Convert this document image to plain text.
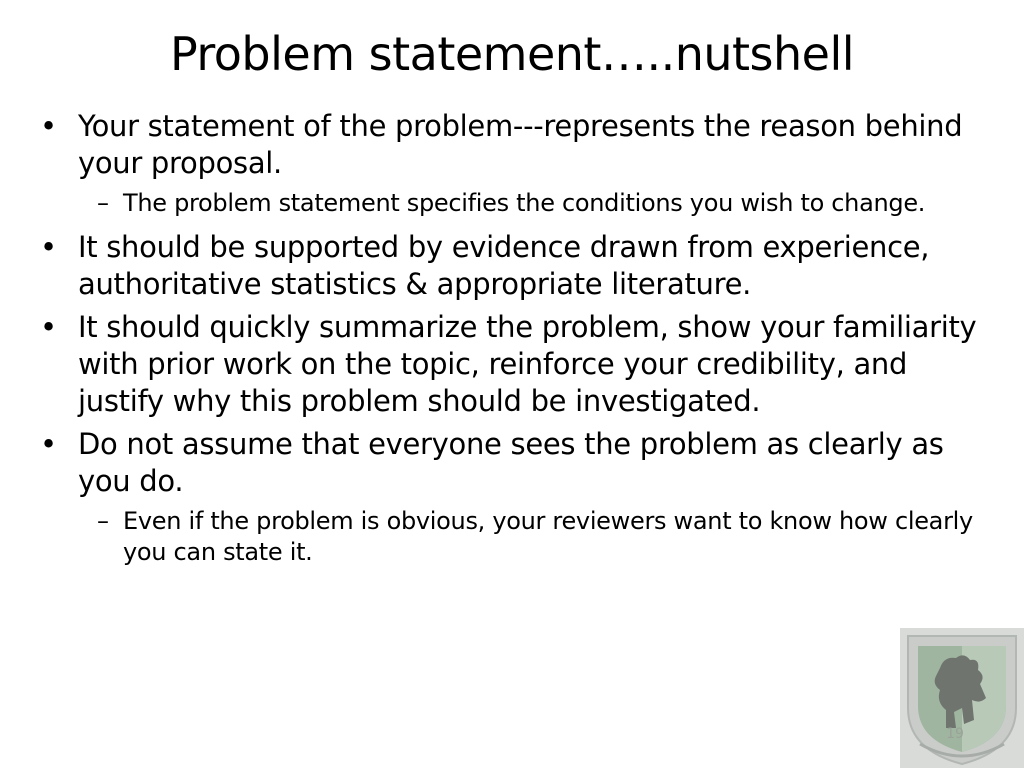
Problem statement…..nutshell
• Your statement of the problem---represents the reason behind your proposal.
– The problem statement specifies the conditions you wish to change.
• It should be supported by evidence drawn from experience, authoritative statistics & appropriate literature.
• It should quickly summarize the problem, show your familiarity with prior work on the topic, reinforce your credibility, and justify why this problem should be investigated.
• Do not assume that everyone sees the problem as clearly as you do.
– Even if the problem is obvious, your reviewers want to know how clearly you can state it.
19
